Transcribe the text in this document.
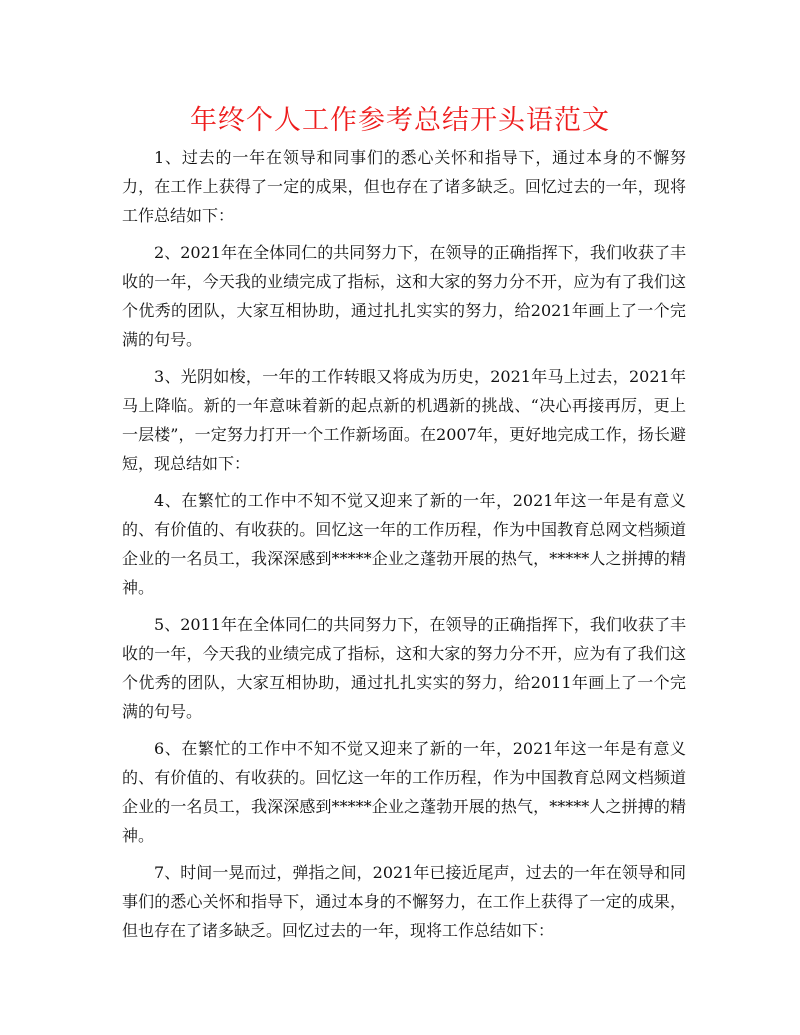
年终个人工作参考总结开头语范文

1、过去的一年在领导和同事们的悉心关怀和指导下，通过本身的不懈努力，在工作上获得了一定的成果，但也存在了诸多缺乏。回忆过去的一年，现将工作总结如下：

2、2021年在全体同仁的共同努力下，在领导的正确指挥下，我们收获了丰收的一年，今天我的业绩完成了指标，这和大家的努力分不开，应为有了我们这个优秀的团队，大家互相协助，通过扎扎实实的努力，给2021年画上了一个完满的句号。

3、光阴如梭，一年的工作转眼又将成为历史，2021年马上过去，2021年马上降临。新的一年意味着新的起点新的机遇新的挑战、“决心再接再厉，更上一层楼”，一定努力打开一个工作新场面。在2007年，更好地完成工作，扬长避短，现总结如下：

4、在繁忙的工作中不知不觉又迎来了新的一年，2021年这一年是有意义的、有价值的、有收获的。回忆这一年的工作历程，作为中国教育总网文档频道企业的一名员工，我深深感到*****企业之蓬勃开展的热气，*****人之拼搏的精神。

5、2011年在全体同仁的共同努力下，在领导的正确指挥下，我们收获了丰收的一年，今天我的业绩完成了指标，这和大家的努力分不开，应为有了我们这个优秀的团队，大家互相协助，通过扎扎实实的努力，给2011年画上了一个完满的句号。

6、在繁忙的工作中不知不觉又迎来了新的一年，2021年这一年是有意义的、有价值的、有收获的。回忆这一年的工作历程，作为中国教育总网文档频道企业的一名员工，我深深感到*****企业之蓬勃开展的热气，*****人之拼搏的精神。

7、时间一晃而过，弹指之间，2021年已接近尾声，过去的一年在领导和同事们的悉心关怀和指导下，通过本身的不懈努力，在工作上获得了一定的成果，但也存在了诸多缺乏。回忆过去的一年，现将工作总结如下：
